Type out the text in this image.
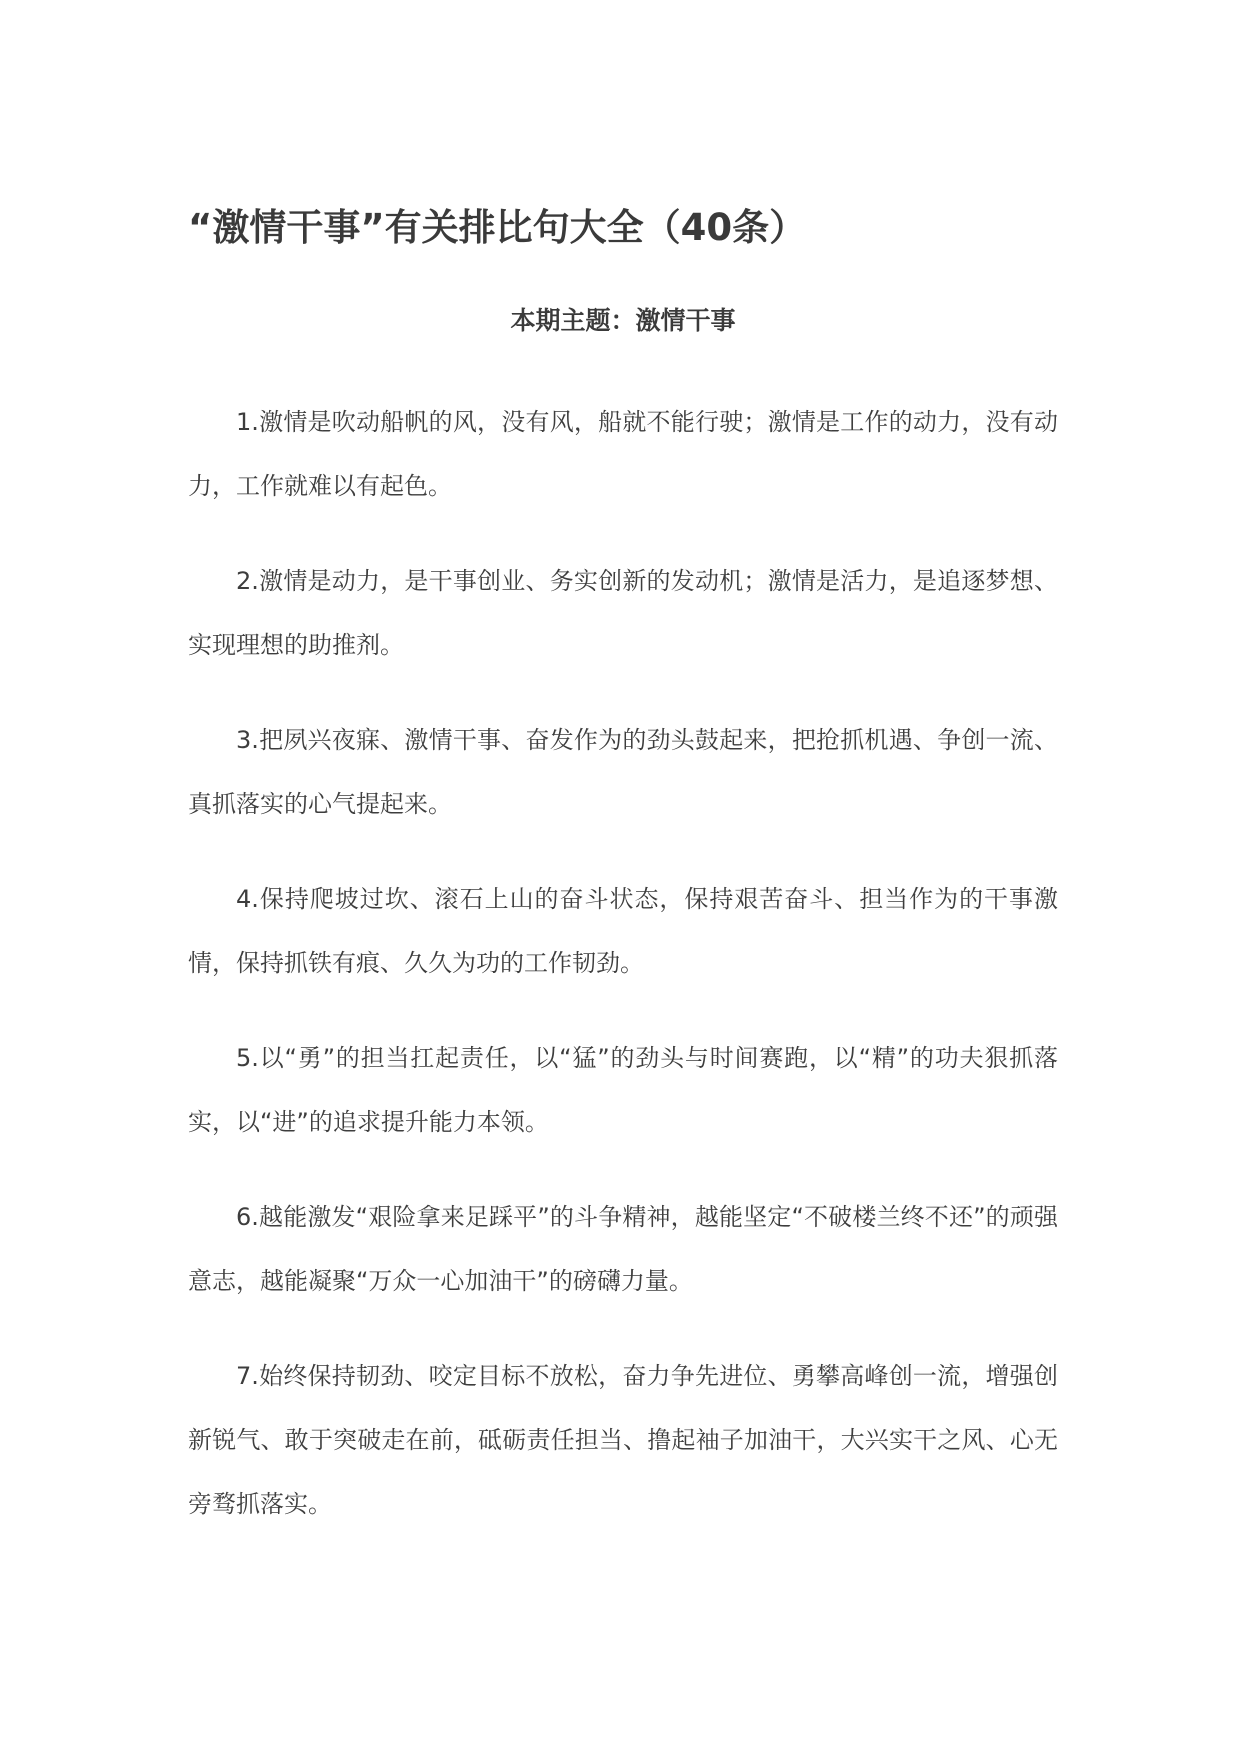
“激情干事”有关排比句大全（40条）

本期主题：激情干事

1.激情是吹动船帆的风，没有风，船就不能行驶；激情是工作的动力，没有动力，工作就难以有起色。

2.激情是动力，是干事创业、务实创新的发动机；激情是活力，是追逐梦想、实现理想的助推剂。

3.把夙兴夜寐、激情干事、奋发作为的劲头鼓起来，把抢抓机遇、争创一流、真抓落实的心气提起来。

4.保持爬坡过坎、滚石上山的奋斗状态，保持艰苦奋斗、担当作为的干事激情，保持抓铁有痕、久久为功的工作韧劲。

5.以“勇”的担当扛起责任，以“猛”的劲头与时间赛跑，以“精”的功夫狠抓落实，以“进”的追求提升能力本领。

6.越能激发“艰险拿来足踩平”的斗争精神，越能坚定“不破楼兰终不还”的顽强意志，越能凝聚“万众一心加油干”的磅礴力量。

7.始终保持韧劲、咬定目标不放松，奋力争先进位、勇攀高峰创一流，增强创新锐气、敢于突破走在前，砥砺责任担当、撸起袖子加油干，大兴实干之风、心无旁骛抓落实。
